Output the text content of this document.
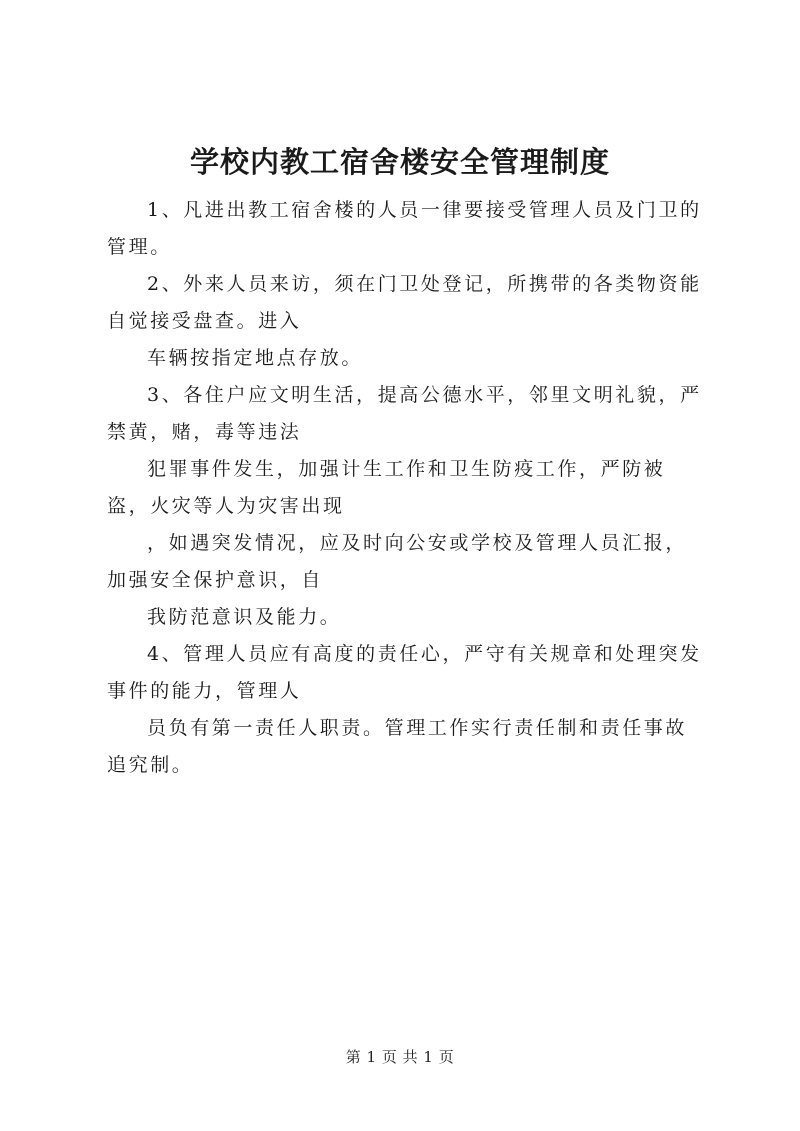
学校内教工宿舍楼安全管理制度

1、凡进出教工宿舍楼的人员一律要接受管理人员及门卫的管理。

2、外来人员来访，须在门卫处登记，所携带的各类物资能自觉接受盘查。进入

车辆按指定地点存放。

3、各住户应文明生活，提高公德水平，邻里文明礼貌，严禁黄，赌，毒等违法

犯罪事件发生，加强计生工作和卫生防疫工作，严防被盗，火灾等人为灾害出现

，如遇突发情况，应及时向公安或学校及管理人员汇报，加强安全保护意识，自

我防范意识及能力。

4、管理人员应有高度的责任心，严守有关规章和处理突发事件的能力，管理人

员负有第一责任人职责。管理工作实行责任制和责任事故追究制。

第 1 页 共 1 页
